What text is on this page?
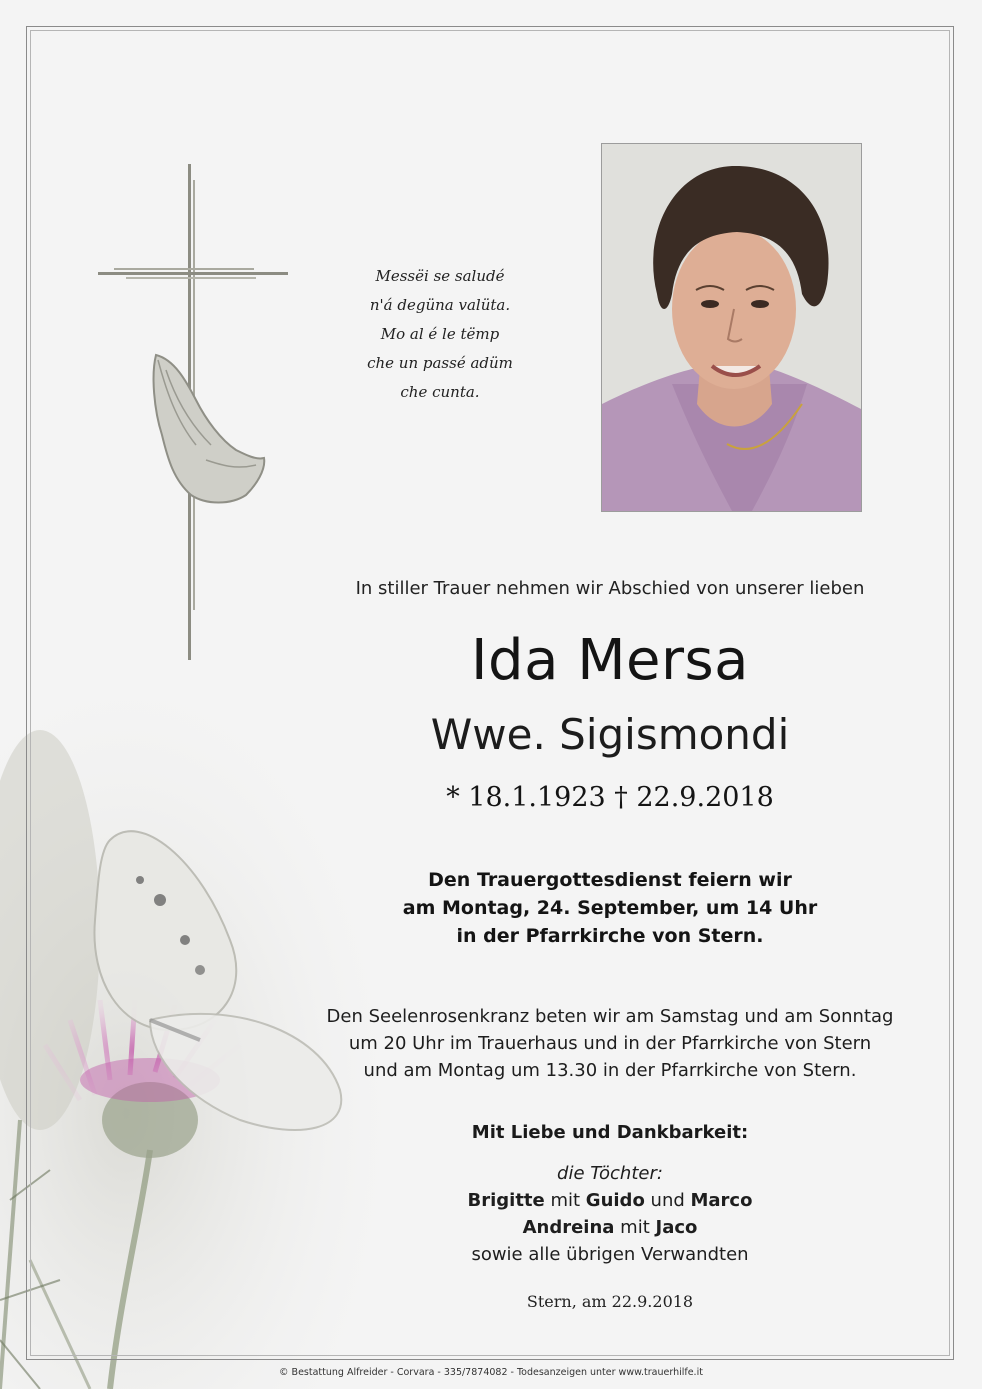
Messëi se saludé
n'á degüna valüta.
Mo al é le tëmp
che un passé adüm
che cunta.
In stiller Trauer nehmen wir Abschied von unserer lieben
Ida Mersa
Wwe. Sigismondi
* 18.1.1923 † 22.9.2018
Den Trauergottesdienst feiern wir
am Montag, 24. September, um 14 Uhr
in der Pfarrkirche von Stern.
Den Seelenrosenkranz beten wir am Samstag und am Sonntag
um 20 Uhr im Trauerhaus und in der Pfarrkirche von Stern
und am Montag um 13.30 in der Pfarrkirche von Stern.
Mit Liebe und Dankbarkeit:
die Töchter:
Brigitte mit Guido und Marco
Andreina mit Jaco
sowie alle übrigen Verwandten
Stern, am 22.9.2018
© Bestattung Alfreider - Corvara - 335/7874082 - Todesanzeigen unter www.trauerhilfe.it
